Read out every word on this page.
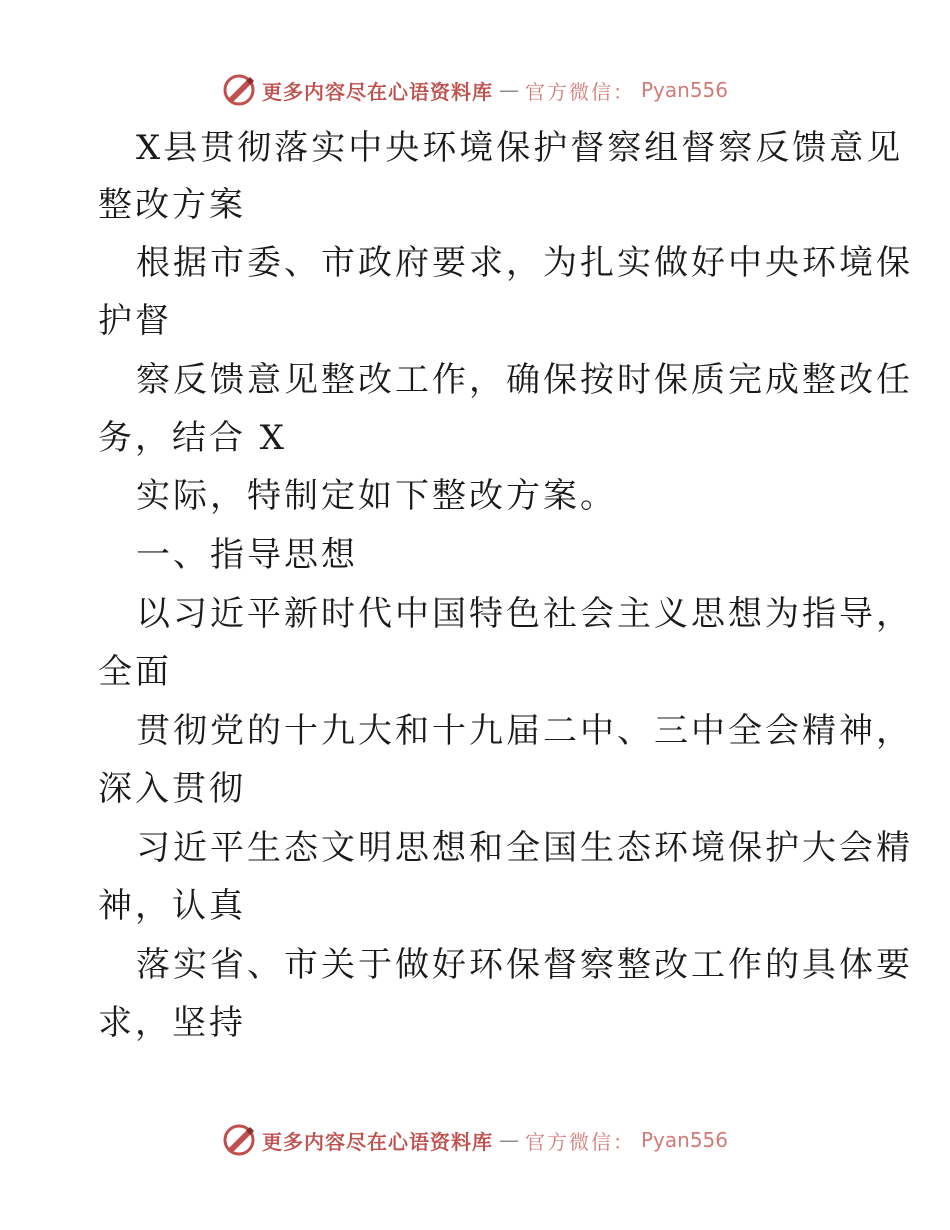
更多内容尽在心语资料库 — 官方微信： Pyan556

X县贯彻落实中央环境保护督察组督察反馈意见

整改方案

根据市委、市政府要求，为扎实做好中央环境保

护督

察反馈意见整改工作，确保按时保质完成整改任

务，结合 X

实际，特制定如下整改方案。

一、指导思想

以习近平新时代中国特色社会主义思想为指导，

全面

贯彻党的十九大和十九届二中、三中全会精神，

深入贯彻

习近平生态文明思想和全国生态环境保护大会精

神，认真

落实省、市关于做好环保督察整改工作的具体要

求，坚持

更多内容尽在心语资料库 — 官方微信： Pyan556
